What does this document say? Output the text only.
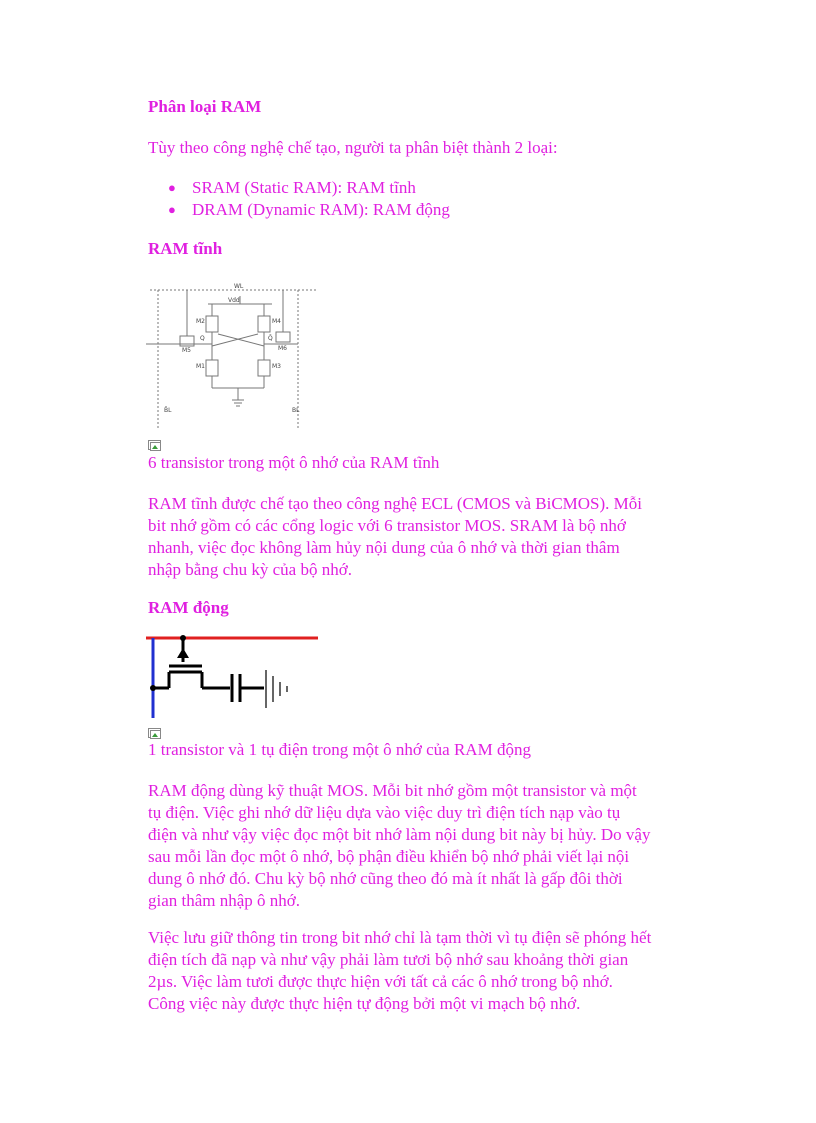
Phân loại RAM

Tùy theo công nghệ chế tạo, người ta phân biệt thành 2 loại:

● SRAM (Static RAM): RAM tĩnh
● DRAM (Dynamic RAM): RAM động
RAM tĩnh
WL
Vdd
M2	M4
M5	M6
M1	M3
Q	Q̄
B̄L	BL

6 transistor trong một ô nhớ của RAM tĩnh

RAM tĩnh được chế tạo theo công nghệ ECL (CMOS và BiCMOS). Mỗi
bit nhớ gồm có các cổng logic với 6 transistor MOS. SRAM là bộ nhớ
nhanh, việc đọc không làm hủy nội dung của ô nhớ và thời gian thâm
nhập bằng chu kỳ của bộ nhớ.
RAM động

1 transistor và 1 tụ điện trong một ô nhớ của RAM động

RAM động dùng kỹ thuật MOS. Mỗi bit nhớ gồm một transistor và một
tụ điện. Việc ghi nhớ dữ liệu dựa vào việc duy trì điện tích nạp vào tụ
điện và như vậy việc đọc một bit nhớ làm nội dung bit này bị hủy. Do vậy
sau mỗi lần đọc một ô nhớ, bộ phận điều khiển bộ nhớ phải viết lại nội
dung ô nhớ đó. Chu kỳ bộ nhớ cũng theo đó mà ít nhất là gấp đôi thời
gian thâm nhập ô nhớ.
Việc lưu giữ thông tin trong bit nhớ chỉ là tạm thời vì tụ điện sẽ phóng hết
điện tích đã nạp và như vậy phải làm tươi bộ nhớ sau khoảng thời gian
2µs. Việc làm tươi được thực hiện với tất cả các ô nhớ trong bộ nhớ.
Công việc này được thực hiện tự động bởi một vi mạch bộ nhớ.
